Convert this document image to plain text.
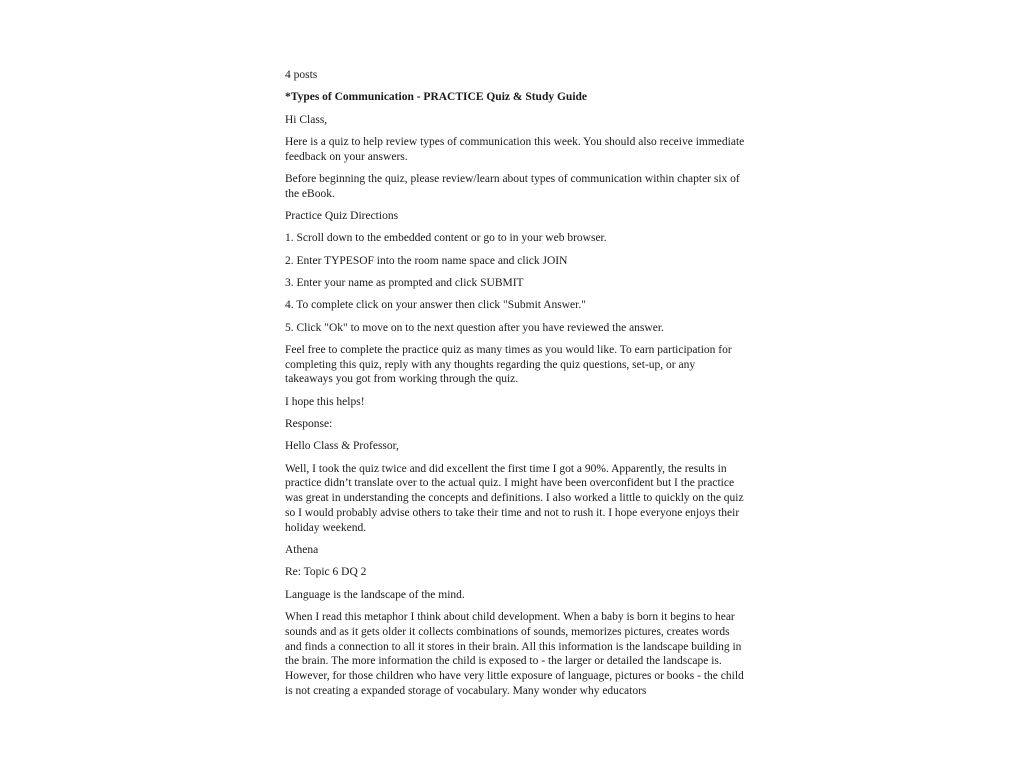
4 posts

*Types of Communication - PRACTICE Quiz & Study Guide

Hi Class,

Here is a quiz to help review types of communication this week. You should also receive immediate feedback on your answers.

Before beginning the quiz, please review/learn about types of communication within chapter six of the eBook.

Practice Quiz Directions

1. Scroll down to the embedded content or go to in your web browser.

2. Enter TYPESOF into the room name space and click JOIN

3. Enter your name as prompted and click SUBMIT

4. To complete click on your answer then click "Submit Answer."

5. Click "Ok" to move on to the next question after you have reviewed the answer.

Feel free to complete the practice quiz as many times as you would like. To earn participation for completing this quiz, reply with any thoughts regarding the quiz questions, set-up, or any takeaways you got from working through the quiz.

I hope this helps!

Response:

Hello Class & Professor,

Well, I took the quiz twice and did excellent the first time I got a 90%. Apparently, the results in practice didn’t translate over to the actual quiz. I might have been overconfident but I the practice was great in understanding the concepts and definitions. I also worked a little to quickly on the quiz so I would probably advise others to take their time and not to rush it. I hope everyone enjoys their holiday weekend.

Athena

Re: Topic 6 DQ 2

Language is the landscape of the mind.

When I read this metaphor I think about child development. When a baby is born it begins to hear sounds and as it gets older it collects combinations of sounds, memorizes pictures, creates words and finds a connection to all it stores in their brain. All this information is the landscape building in the brain. The more information the child is exposed to - the larger or detailed the landscape is. However, for those children who have very little exposure of language, pictures or books - the child is not creating a expanded storage of vocabulary. Many wonder why educators
